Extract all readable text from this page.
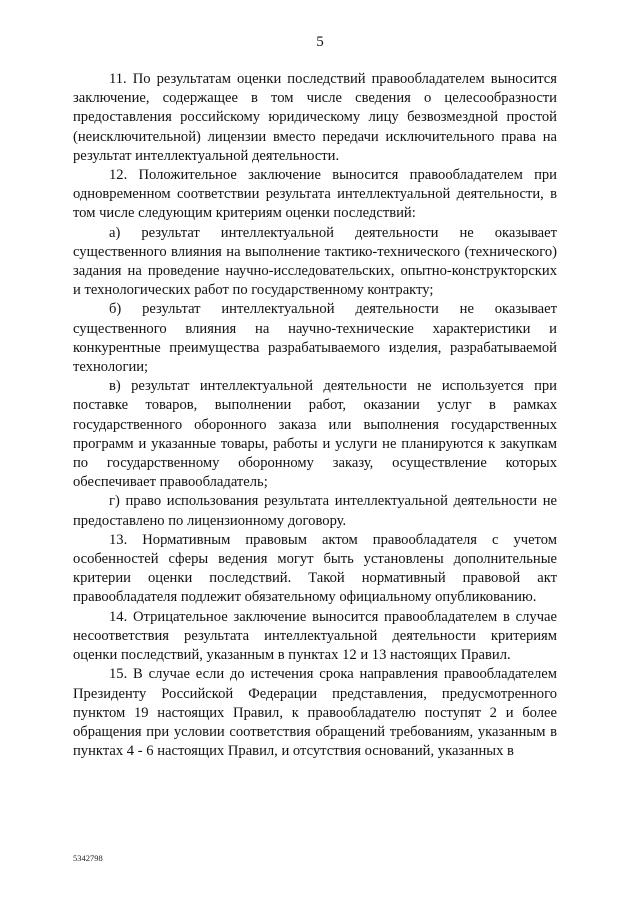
5

11. По результатам оценки последствий правообладателем выносится заключение, содержащее в том числе сведения о целесообразности предоставления российскому юридическому лицу безвозмездной простой (неисключительной) лицензии вместо передачи исключительного права на результат интеллектуальной деятельности.

12. Положительное заключение выносится правообладателем при одновременном соответствии результата интеллектуальной деятельности, в том числе следующим критериям оценки последствий:

а) результат интеллектуальной деятельности не оказывает существенного влияния на выполнение тактико-технического (технического) задания на проведение научно-исследовательских, опытно-конструкторских и технологических работ по государственному контракту;

б) результат интеллектуальной деятельности не оказывает существенного влияния на научно-технические характеристики и конкурентные преимущества разрабатываемого изделия, разрабатываемой технологии;

в) результат интеллектуальной деятельности не используется при поставке товаров, выполнении работ, оказании услуг в рамках государственного оборонного заказа или выполнения государственных программ и указанные товары, работы и услуги не планируются к закупкам по государственному оборонному заказу, осуществление которых обеспечивает правообладатель;

г) право использования результата интеллектуальной деятельности не предоставлено по лицензионному договору.

13. Нормативным правовым актом правообладателя с учетом особенностей сферы ведения могут быть установлены дополнительные критерии оценки последствий. Такой нормативный правовой акт правообладателя подлежит обязательному официальному опубликованию.

14. Отрицательное заключение выносится правообладателем в случае несоответствия результата интеллектуальной деятельности критериям оценки последствий, указанным в пунктах 12 и 13 настоящих Правил.

15. В случае если до истечения срока направления правообладателем Президенту Российской Федерации представления, предусмотренного пунктом 19 настоящих Правил, к правообладателю поступят 2 и более обращения при условии соответствия обращений требованиям, указанным в пунктах 4 - 6 настоящих Правил, и отсутствия оснований, указанных в

5342798
